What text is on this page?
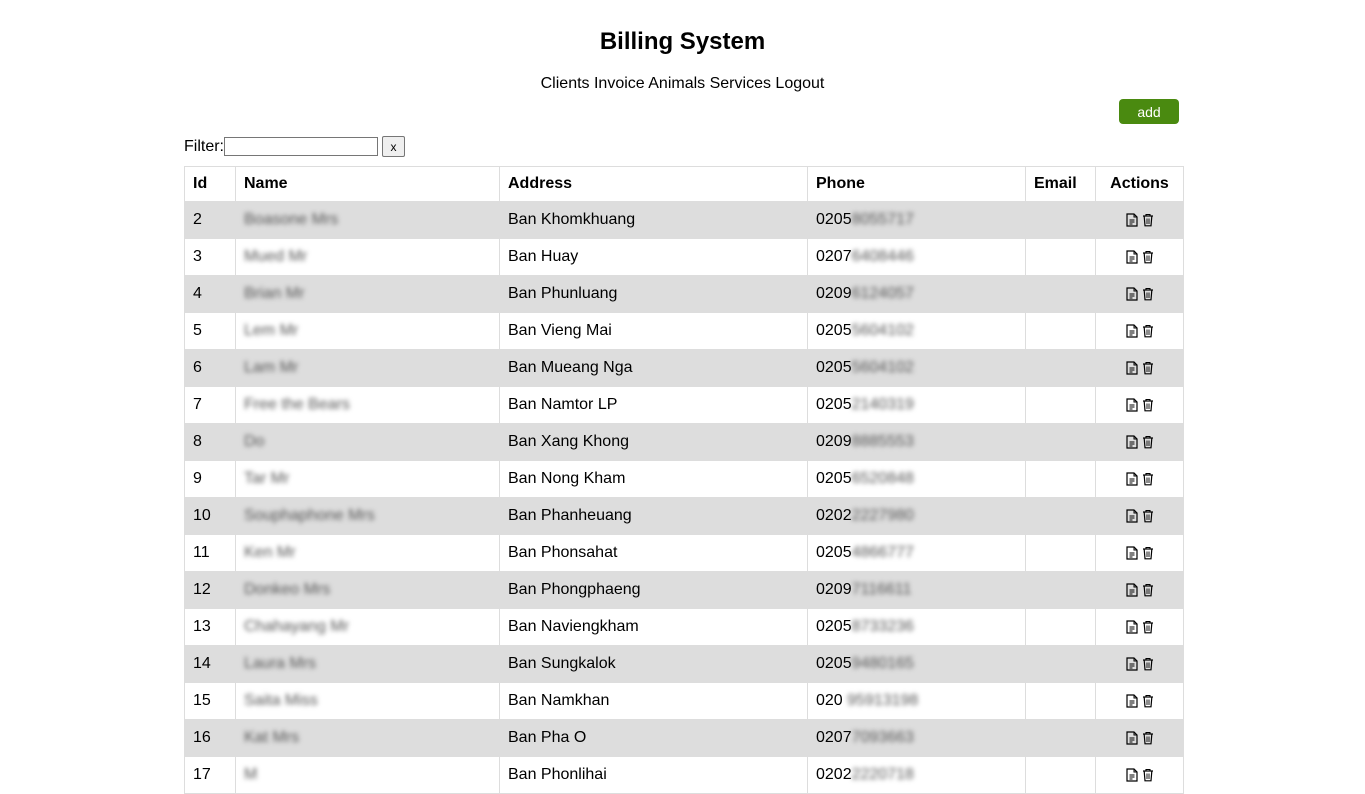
Billing System
Clients Invoice Animals Services Logout
add
Filter:	x
Id	Name	Address	Phone	Email	Actions
2	Boasone Mrs	Ban Khomkhuang	02058055717		

3	Mued Mr	Ban Huay	02076408446		

4	Brian Mr	Ban Phunluang	02096124057		

5	Lem Mr	Ban Vieng Mai	02055604102		

6	Lam Mr	Ban Mueang Nga	02055604102		

7	Free the Bears	Ban Namtor LP	02052140319		

8	Do	Ban Xang Khong	02098885553		

9	Tar Mr	Ban Nong Kham	02056520848		

10	Souphaphone Mrs	Ban Phanheuang	02022227980		

11	Ken Mr	Ban Phonsahat	02054866777		

12	Donkeo Mrs	Ban Phongphaeng	02097116611		

13	Chahayang Mr	Ban Naviengkham	02058733236		

14	Laura Mrs	Ban Sungkalok	02059480165		

15	Saita Miss	Ban Namkhan	020 95913198		

16	Kat Mrs	Ban Pha O	02077093663		

17	M	Ban Phonlihai	02022220718		
